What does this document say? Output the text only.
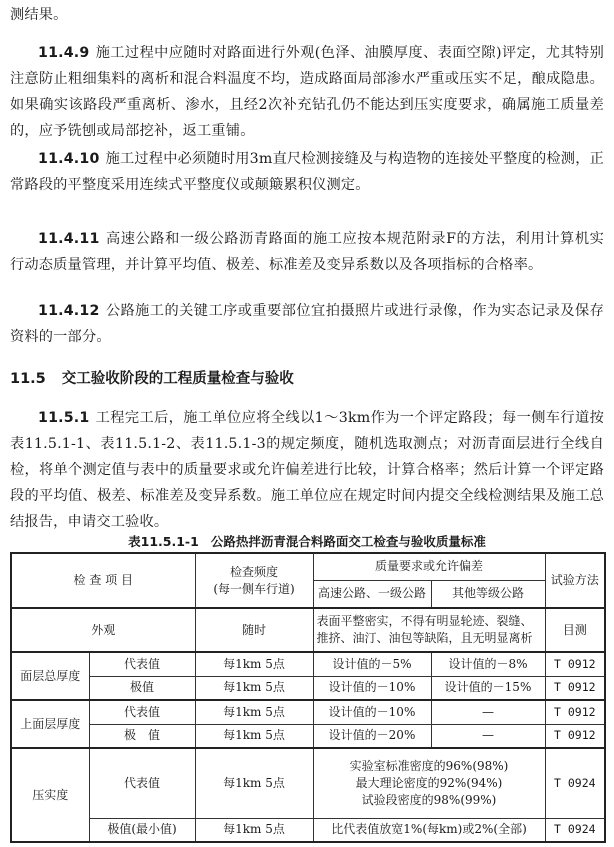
测结果。

11.4.9 施工过程中应随时对路面进行外观(色泽、油膜厚度、表面空隙)评定，尤其特别注意防止粗细集料的离析和混合料温度不均，造成路面局部渗水严重或压实不足，酿成隐患。如果确实该路段严重离析、渗水，且经2次补充钻孔仍不能达到压实度要求，确属施工质量差的，应予铣刨或局部挖补，返工重铺。

11.4.10 施工过程中必须随时用3m直尺检测接缝及与构造物的连接处平整度的检测，正常路段的平整度采用连续式平整度仪或颠簸累积仪测定。

11.4.11 高速公路和一级公路沥青路面的施工应按本规范附录F的方法，利用计算机实行动态质量管理，并计算平均值、极差、标准差及变异系数以及各项指标的合格率。

11.4.12 公路施工的关键工序或重要部位宜拍摄照片或进行录像，作为实态记录及保存资料的一部分。

11.5 交工验收阶段的工程质量检查与验收

11.5.1 工程完工后，施工单位应将全线以1～3km作为一个评定路段；每一侧车行道按表11.5.1-1、表11.5.1-2、表11.5.1-3的规定频度，随机选取测点；对沥青面层进行全线自检，将单个测定值与表中的质量要求或允许偏差进行比较，计算合格率；然后计算一个评定路段的平均值、极差、标准差及变异系数。施工单位应在规定时间内提交全线检测结果及施工总结报告，申请交工验收。

表11.5.1-1 公路热拌沥青混合料路面交工检查与验收质量标准
检 查 项 目		检查频度
(每一侧车行道)	质量要求或允许偏差		试验方法
			高速公路、一级公路	其他等级公路	
外观		随时	表面平整密实，不得有明显轮迹、裂缝、推挤、油汀、油包等缺陷，且无明显离析		目测
面层总厚度	代表值	每1km 5点	设计值的－5%	设计值的－8%	T 0912
	极值	每1km 5点	设计值的－10%	设计值的－15%	T 0912
上面层厚度	代表值	每1km 5点	设计值的－10%	—	T 0912
	极　值	每1km 5点	设计值的－20%	—	T 0912
压实度	代表值	每1km 5点	实验室标准密度的96%(98%)
最大理论密度的92%(94%)
试验段密度的98%(99%)		T 0924
	极值(最小值)	每1km 5点	比代表值放宽1%(每km)或2%(全部)		T 0924
